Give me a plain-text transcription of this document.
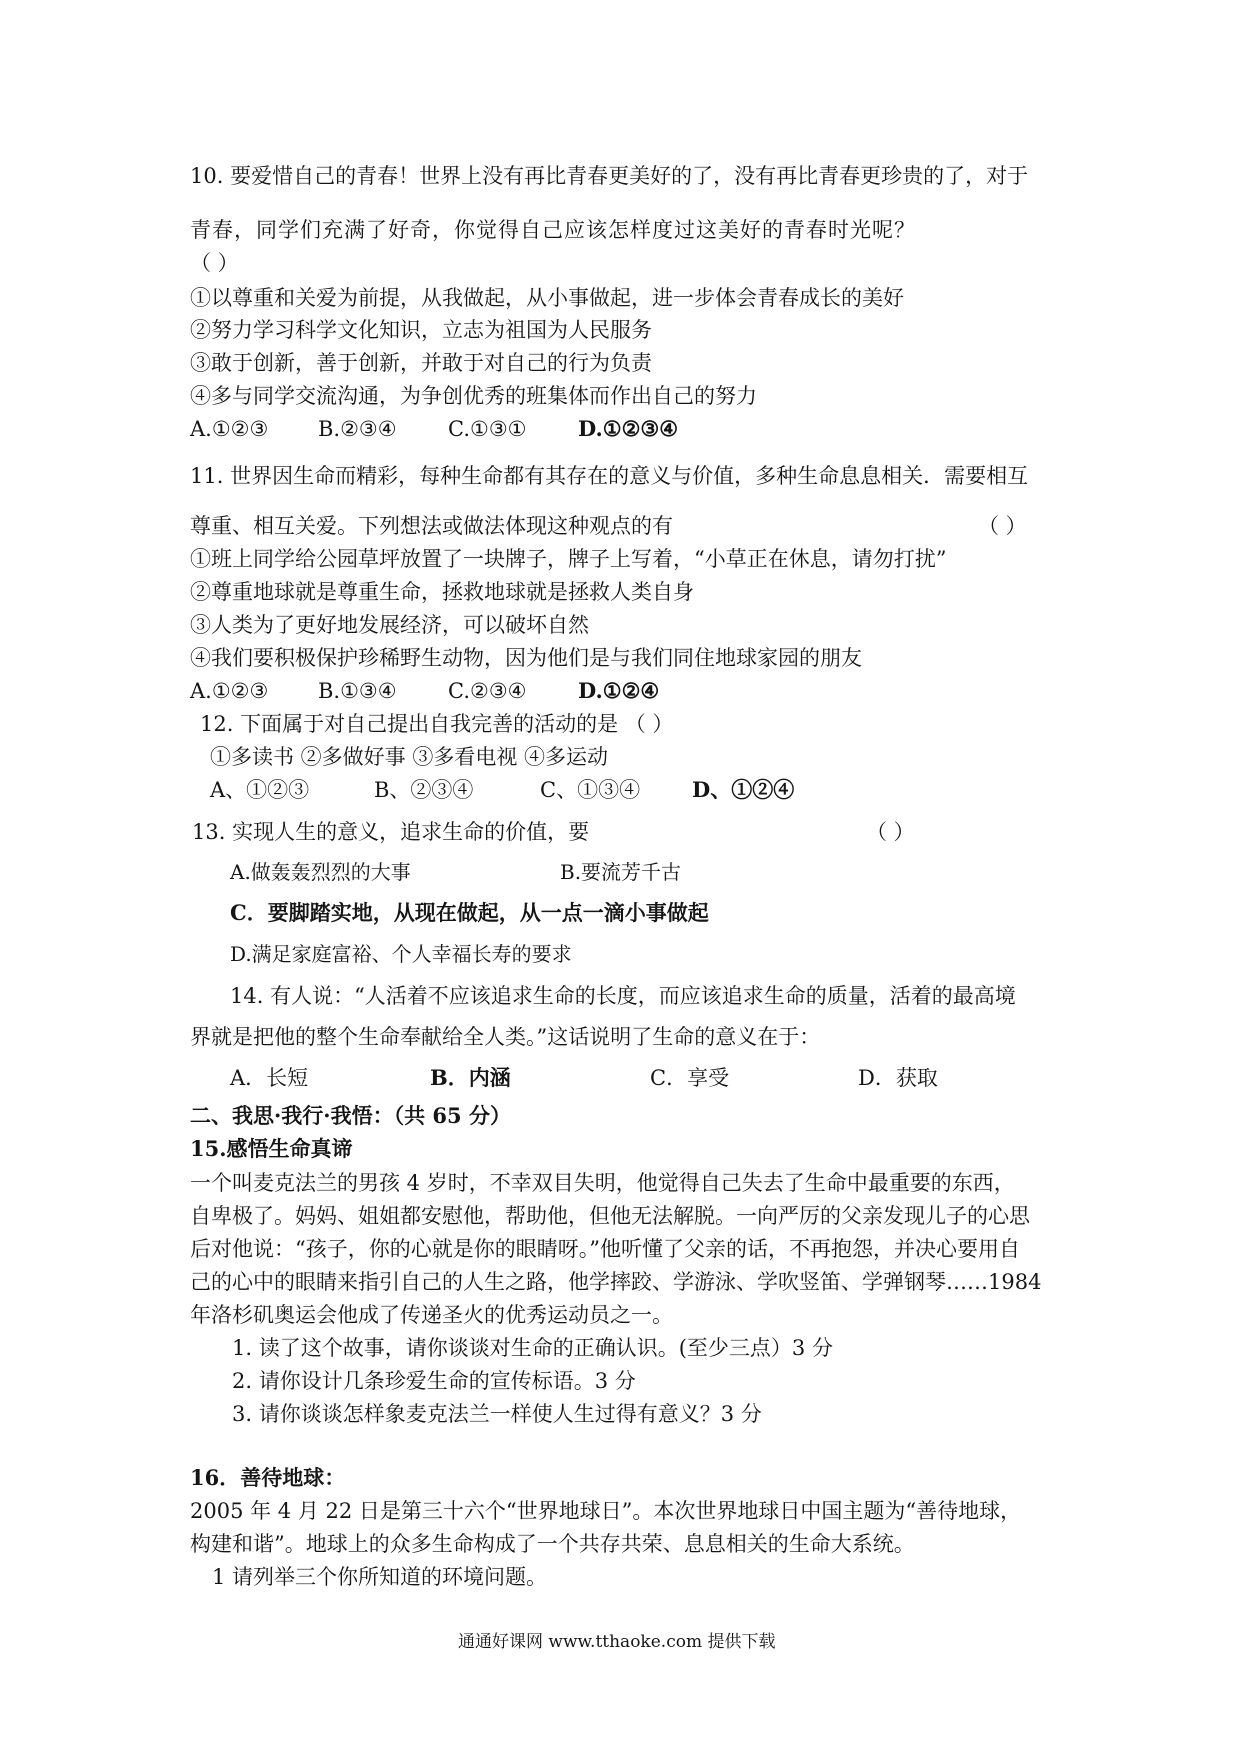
10. 要爱惜自己的青春！世界上没有再比青春更美好的了，没有再比青春更珍贵的了，对于
青春，同学们充满了好奇，你觉得自己应该怎样度过这美好的青春时光呢？
（ ）
①以尊重和关爱为前提，从我做起，从小事做起，进一步体会青春成长的美好
②努力学习科学文化知识，立志为祖国为人民服务
③敢于创新，善于创新，并敢于对自己的行为负责
④多与同学交流沟通，为争创优秀的班集体而作出自己的努力
A.①②③ B.②③④ C.①③① D.①②③④
11. 世界因生命而精彩，每种生命都有其存在的意义与价值，多种生命息息相关．需要相互
尊重、相互关爱。下列想法或做法体现这种观点的有	（ ）
①班上同学给公园草坪放置了一块牌子，牌子上写着，“小草正在休息，请勿打扰”
②尊重地球就是尊重生命，拯救地球就是拯救人类自身
③人类为了更好地发展经济，可以破坏自然
④我们要积极保护珍稀野生动物，因为他们是与我们同住地球家园的朋友
A.①②③ B.①③④ C.②③④ D.①②④
12. 下面属于对自己提出自我完善的活动的是 （ ）
①多读书 ②多做好事 ③多看电视 ④多运动
A、①②③	B、②③④	C、①③④ D、①②④
13. 实现人生的意义，追求生命的价值，要	（ ）
A.做轰轰烈烈的大事	B.要流芳千古
C．要脚踏实地，从现在做起，从一点一滴小事做起
D.满足家庭富裕、个人幸福长寿的要求
14. 有人说：“人活着不应该追求生命的长度，而应该追求生命的质量，活着的最高境
界就是把他的整个生命奉献给全人类。”这话说明了生命的意义在于：
A．长短	B．内涵	C．享受	D．获取
二、我思·我行·我悟：（共 65 分）
15.感悟生命真谛
一个叫麦克法兰的男孩 4 岁时，不幸双目失明，他觉得自己失去了生命中最重要的东西，
自卑极了。妈妈、姐姐都安慰他，帮助他，但他无法解脱。一向严厉的父亲发现儿子的心思
后对他说：“孩子，你的心就是你的眼睛呀。”他听懂了父亲的话，不再抱怨，并决心要用自
己的心中的眼睛来指引自己的人生之路，他学摔跤、学游泳、学吹竖笛、学弹钢琴……1984
年洛杉矶奥运会他成了传递圣火的优秀运动员之一。
1. 读了这个故事，请你谈谈对生命的正确认识。(至少三点）3 分
2. 请你设计几条珍爱生命的宣传标语。3 分
3. 请你谈谈怎样象麦克法兰一样使人生过得有意义？3 分
16．善待地球：
2005 年 4 月 22 日是第三十六个“世界地球日”。本次世界地球日中国主题为“善待地球，
构建和谐”。地球上的众多生命构成了一个共存共荣、息息相关的生命大系统。
1 请列举三个你所知道的环境问题。
通通好课网 www.tthaoke.com 提供下载
